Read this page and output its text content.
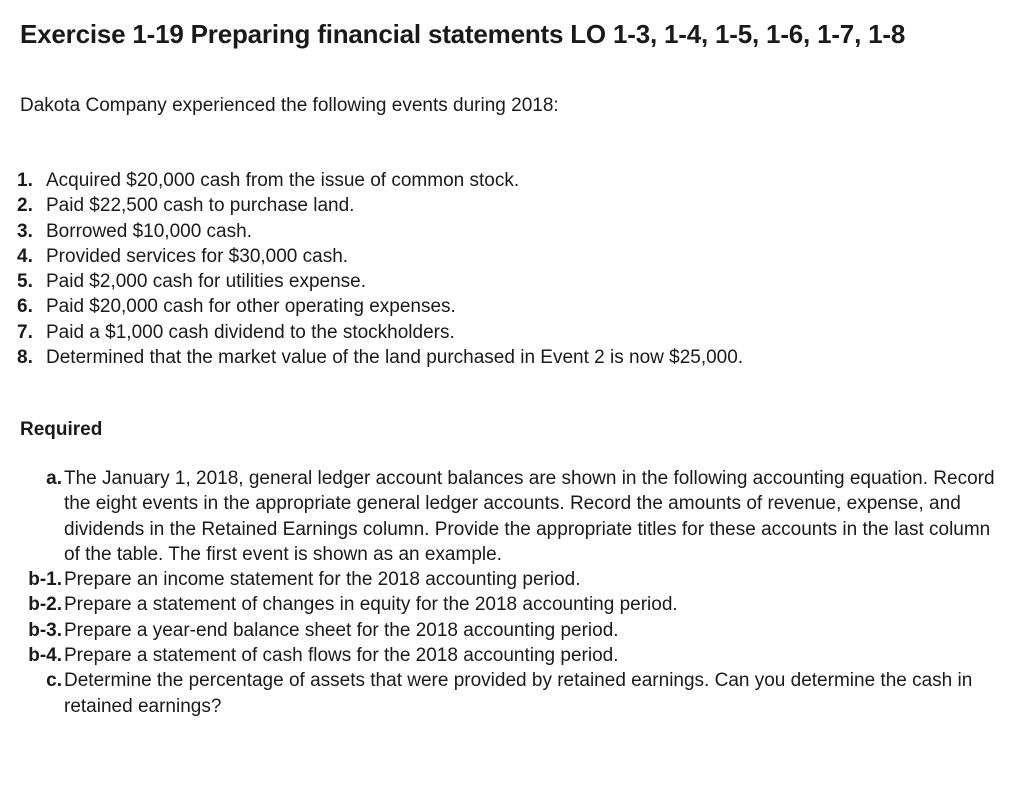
Exercise 1-19 Preparing financial statements LO 1-3, 1-4, 1-5, 1-6, 1-7, 1-8

Dakota Company experienced the following events during 2018:

1. Acquired $20,000 cash from the issue of common stock.
2. Paid $22,500 cash to purchase land.
3. Borrowed $10,000 cash.
4. Provided services for $30,000 cash.
5. Paid $2,000 cash for utilities expense.
6. Paid $20,000 cash for other operating expenses.
7. Paid a $1,000 cash dividend to the stockholders.
8. Determined that the market value of the land purchased in Event 2 is now $25,000.
Required
a. The January 1, 2018, general ledger account balances are shown in the following accounting equation. Record the eight events in the appropriate general ledger accounts. Record the amounts of revenue, expense, and dividends in the Retained Earnings column. Provide the appropriate titles for these accounts in the last column of the table. The first event is shown as an example.
b-1. Prepare an income statement for the 2018 accounting period.
b-2. Prepare a statement of changes in equity for the 2018 accounting period.
b-3. Prepare a year-end balance sheet for the 2018 accounting period.
b-4. Prepare a statement of cash flows for the 2018 accounting period.
c. Determine the percentage of assets that were provided by retained earnings. Can you determine the cash in retained earnings?
